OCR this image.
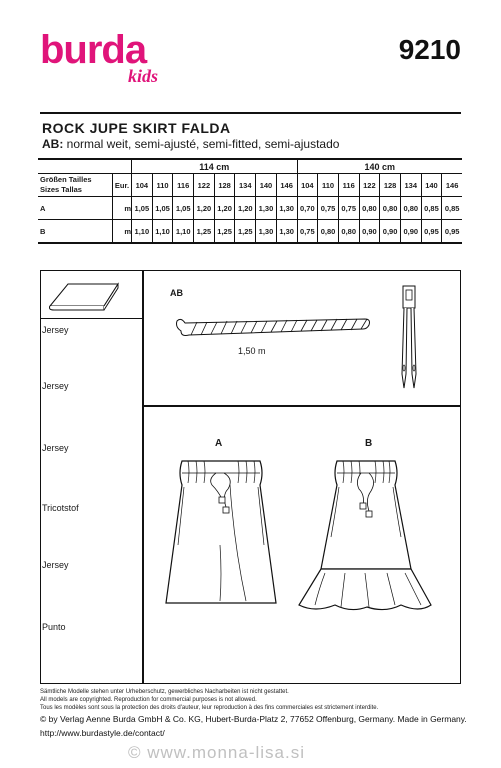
burda
kids
9210
ROCK JUPE SKIRT FALDA
AB: normal weit, semi-ajusté, semi-fitted, semi-ajustado
		114 cm								140 cm							

Größen Tailles
Sizes Tallas	Eur.	104	110	116	122	128	134	140	146	104	110	116	122	128	134	140	146
A	m	1,05	1,05	1,05	1,20	1,20	1,20	1,30	1,30	0,70	0,75	0,75	0,80	0,80	0,80	0,85	0,85
B	m	1,10	1,10	1,10	1,25	1,25	1,25	1,30	1,30	0,75	0,80	0,80	0,90	0,90	0,90	0,95	0,95
Jersey
Jersey
Jersey
Tricotstof
Jersey
Punto
AB
1,50 m
A	B
Sämtliche Modelle stehen unter Urheberschutz, gewerbliches Nacharbeiten ist nicht gestattet.
All models are copyrighted. Reproduction for commercial purposes is not allowed.
Tous les modèles sont sous la protection des droits d'auteur, leur reproduction à des fins commerciales est strictement interdite.
© by Verlag Aenne Burda GmbH & Co. KG, Hubert-Burda-Platz 2, 77652 Offenburg, Germany. Made in Germany.
http://www.burdastyle.de/contact/
© www.monna-lisa.si
